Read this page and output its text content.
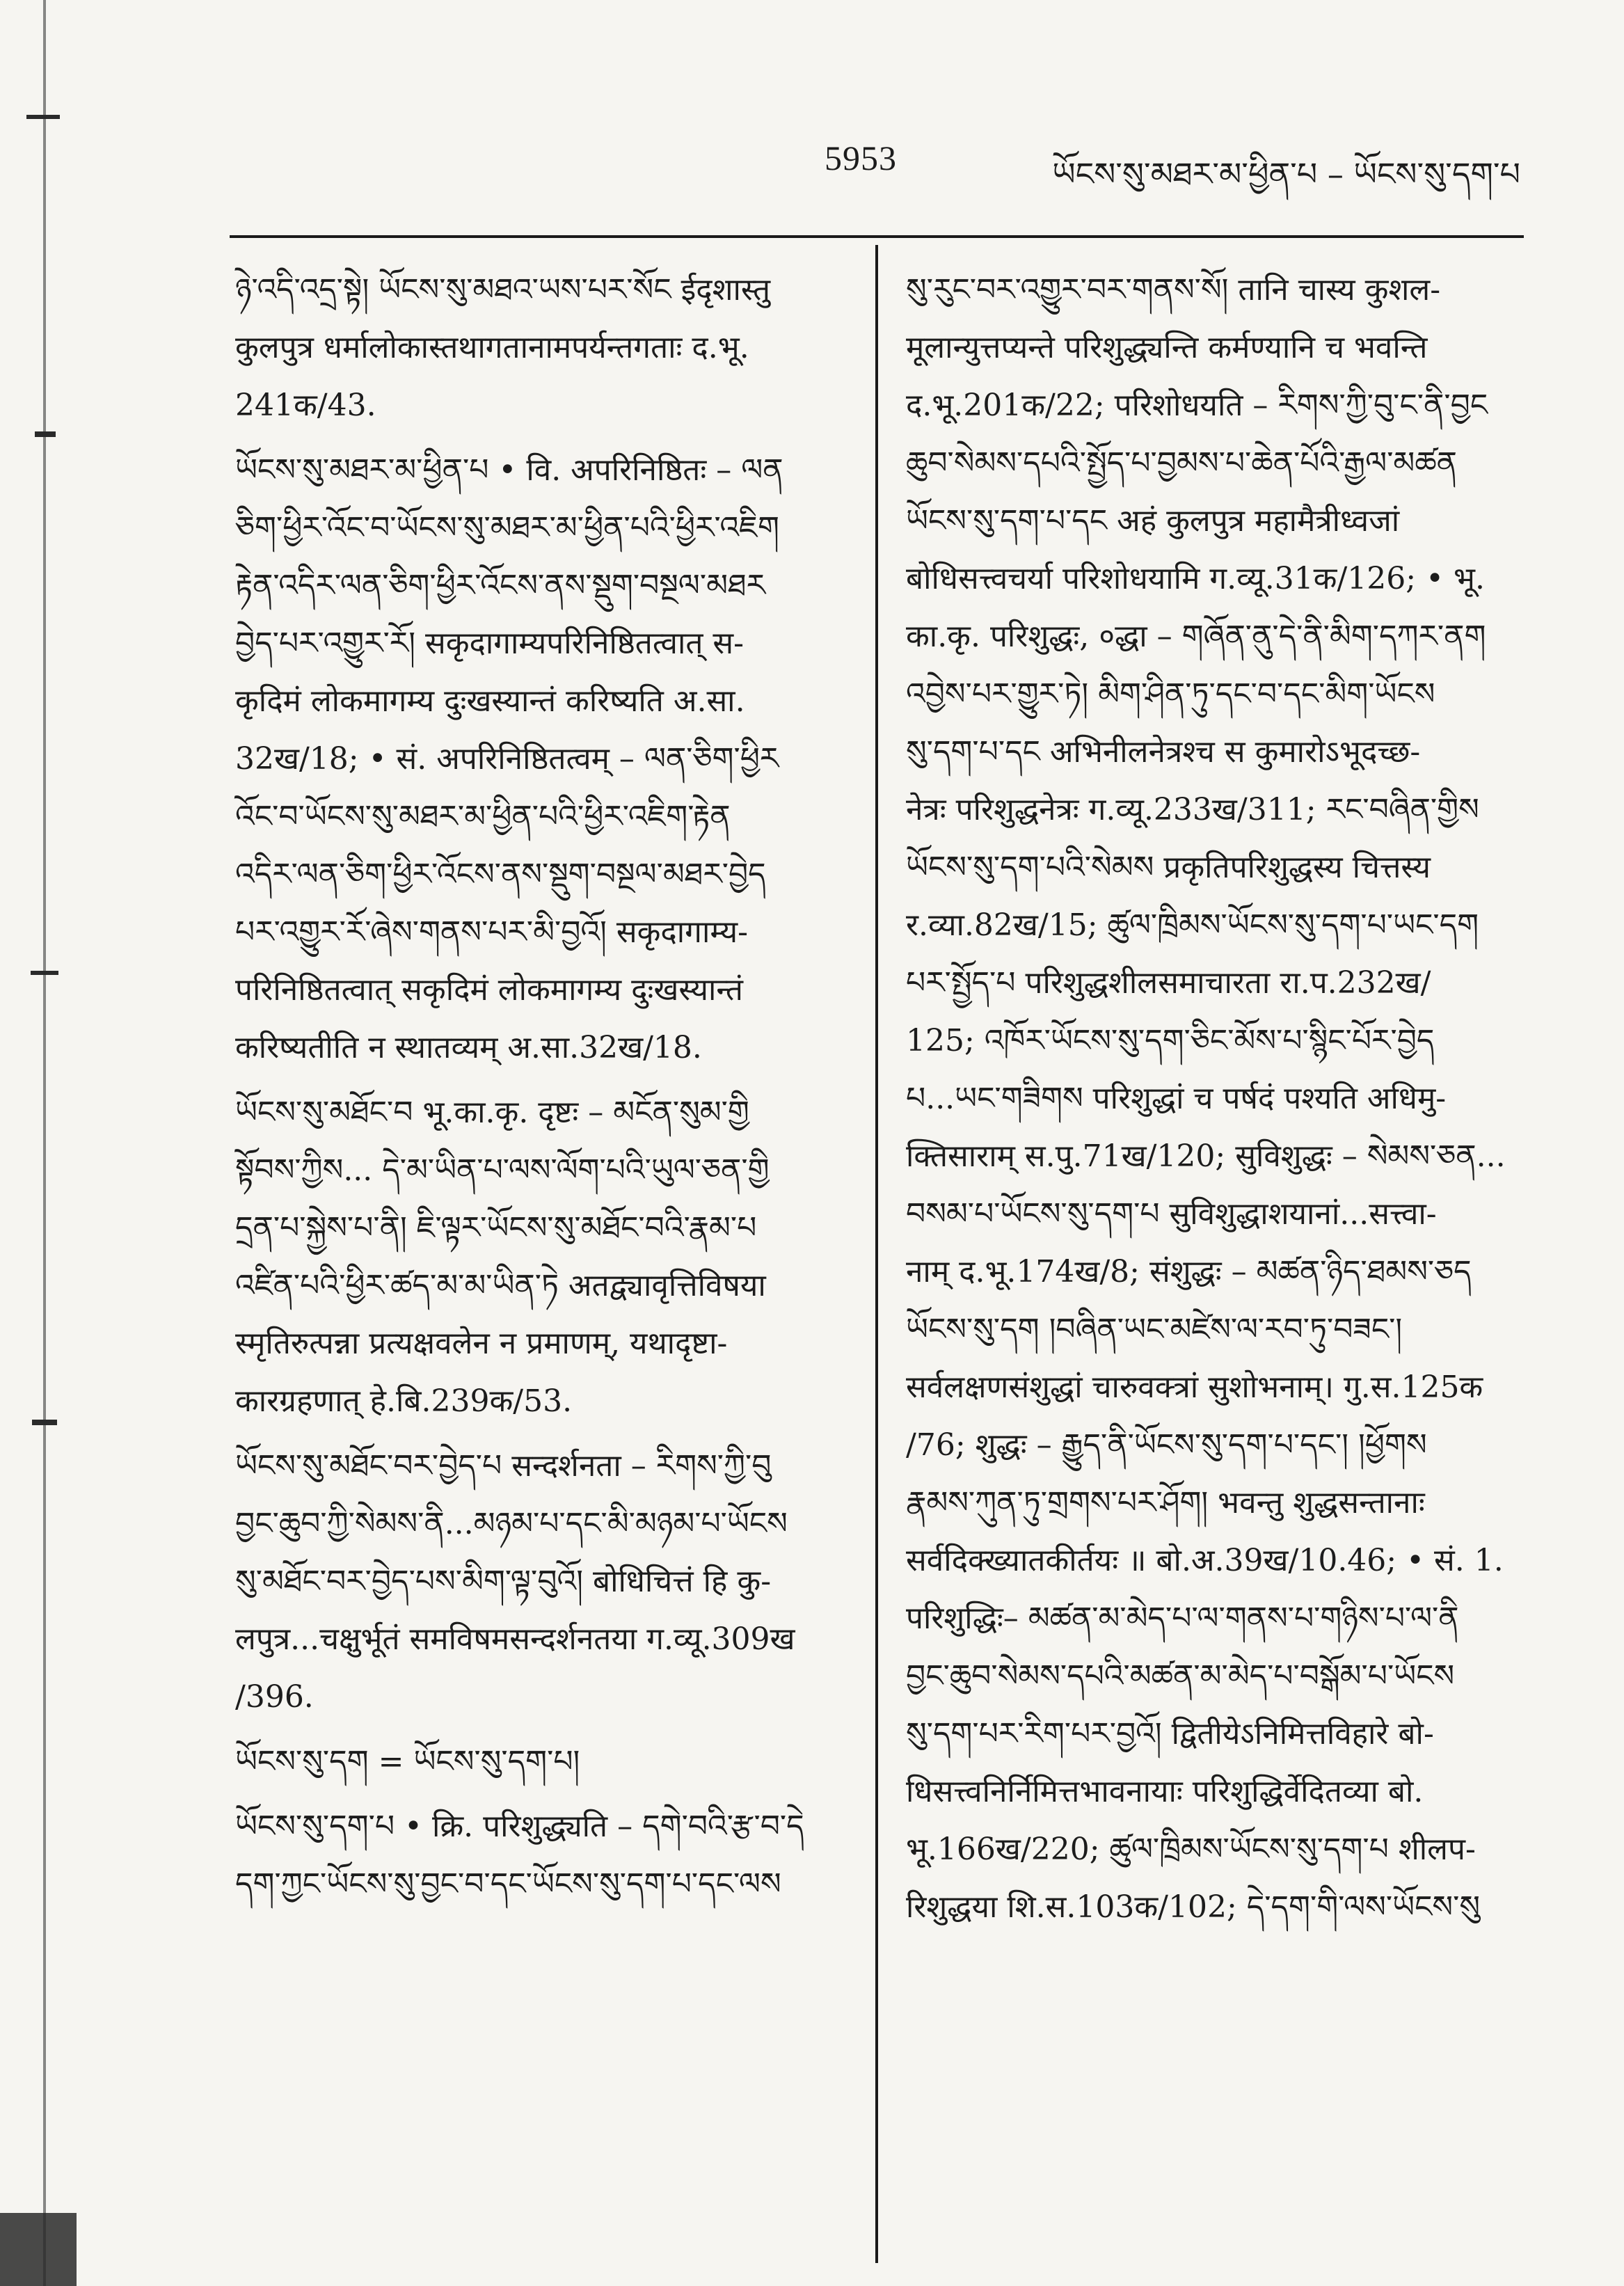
5953	ཡོངས་སུ་མཐར་མ་ཕྱིན་པ – ཡོངས་སུ་དག་པ
ཉེ་འདི་འདྲ་སྟེ། ཡོངས་སུ་མཐའ་ཡས་པར་སོང ईदृशास्तु
कुलपुत्र धर्मालोकास्तथागतानामपर्यन्तगताः द.भू.
241क/43.
ཡོངས་སུ་མཐར་མ་ཕྱིན་པ • वि. अपरिनिष्ठितः – ལན
ཅིག་ཕྱིར་འོང་བ་ཡོངས་སུ་མཐར་མ་ཕྱིན་པའི་ཕྱིར་འཇིག
རྟེན་འདིར་ལན་ཅིག་ཕྱིར་འོངས་ནས་སྡུག་བསྔལ་མཐར
བྱེད་པར་འགྱུར་རོ། सकृदागाम्यपरिनिष्ठितत्वात् स-
कृदिमं लोकमागम्य दुःखस्यान्तं करिष्यति अ.सा.
32ख/18; • सं. अपरिनिष्ठितत्वम् – ལན་ཅིག་ཕྱིར
འོང་བ་ཡོངས་སུ་མཐར་མ་ཕྱིན་པའི་ཕྱིར་འཇིག་རྟེན
འདིར་ལན་ཅིག་ཕྱིར་འོངས་ནས་སྡུག་བསྔལ་མཐར་བྱེད
པར་འགྱུར་རོ་ཞེས་གནས་པར་མི་བྱའོ། सकृदागाम्य-
परिनिष्ठितत्वात् सकृदिमं लोकमागम्य दुःखस्यान्तं
करिष्यतीति न स्थातव्यम् अ.सा.32ख/18.
ཡོངས་སུ་མཐོང་བ भू.का.कृ. दृष्टः – མངོན་སུམ་གྱི
སྟོབས་ཀྱིས... དེ་མ་ཡིན་པ་ལས་ལོག་པའི་ཡུལ་ཅན་གྱི
དྲན་པ་སྐྱེས་པ་ནི། ཇི་ལྟར་ཡོངས་སུ་མཐོང་བའི་རྣམ་པ
འཛིན་པའི་ཕྱིར་ཚད་མ་མ་ཡིན་ཏེ अतद्व्यावृत्तिविषया
स्मृतिरुत्पन्ना प्रत्यक्षवलेन न प्रमाणम्, यथादृष्टा-
कारग्रहणात् हे.बि.239क/53.
ཡོངས་སུ་མཐོང་བར་བྱེད་པ सन्दर्शनता – རིགས་ཀྱི་བུ
བྱང་ཆུབ་ཀྱི་སེམས་ནི...མཉམ་པ་དང་མི་མཉམ་པ་ཡོངས
སུ་མཐོང་བར་བྱེད་པས་མིག་ལྟ་བུའོ། बोधिचित्तं हि कु-
लपुत्र...चक्षुर्भूतं समविषमसन्दर्शनतया ग.व्यू.309ख
/396.
ཡོངས་སུ་དག = ཡོངས་སུ་དག་པ།
ཡོངས་སུ་དག་པ • क्रि. परिशुद्ध्यति – དགེ་བའི་རྩ་བ་དེ
དག་ཀྱང་ཡོངས་སུ་བྱང་བ་དང་ཡོངས་སུ་དག་པ་དང་ལས
སུ་རུང་བར་འགྱུར་བར་གནས་སོ། तानि चास्य कुशल-
मूलान्युत्तप्यन्ते परिशुद्ध्यन्ति कर्मण्यानि च भवन्ति
द.भू.201क/22; परिशोधयति – རིགས་ཀྱི་བུ་ང་ནི་བྱང
ཆུབ་སེམས་དཔའི་སྤྱོད་པ་བྱམས་པ་ཆེན་པོའི་རྒྱལ་མཚན
ཡོངས་སུ་དག་པ་དང अहं कुलपुत्र महामैत्रीध्वजां
बोधिसत्त्वचर्या परिशोधयामि ग.व्यू.31क/126; • भू.
का.कृ. परिशुद्धः, ०द्धा – གཞོན་ནུ་དེ་ནི་མིག་དཀར་ནག
འབྱེས་པར་གྱུར་ཏེ། མིག་ཤིན་ཏུ་དང་བ་དང་མིག་ཡོངས
སུ་དག་པ་དང अभिनीलनेत्रश्च स कुमारोऽभूदच्छ-
नेत्रः परिशुद्धनेत्रः ग.व्यू.233ख/311; རང་བཞིན་གྱིས
ཡོངས་སུ་དག་པའི་སེམས प्रकृतिपरिशुद्धस्य चित्तस्य
र.व्या.82ख/15; ཚུལ་ཁྲིམས་ཡོངས་སུ་དག་པ་ཡང་དག
པར་སྤྱོད་པ परिशुद्धशीलसमाचारता रा.प.232ख/
125; འཁོར་ཡོངས་སུ་དག་ཅིང་མོས་པ་སྙིང་པོར་བྱེད
པ...ཡང་གཟིགས परिशुद्धां च पर्षदं पश्यति अधिमु-
क्तिसाराम् स.पु.71ख/120; सुविशुद्धः – སེམས་ཅན...
བསམ་པ་ཡོངས་སུ་དག་པ सुविशुद्धाशयानां...सत्त्वा-
नाम् द.भू.174ख/8; संशुद्धः – མཚན་ཉིད་ཐམས་ཅད
ཡོངས་སུ་དག །བཞིན་ཡང་མཛེས་ལ་རབ་ཏུ་བཟང་།
सर्वलक्षणसंशुद्धां चारुवक्त्रां सुशोभनाम्। गु.स.125क
/76; शुद्धः – རྒྱུད་ནི་ཡོངས་སུ་དག་པ་དང་། །ཕྱོགས
རྣམས་ཀུན་ཏུ་གྲགས་པར་ཤོག། भवन्तु शुद्धसन्तानाः
सर्वदिक्ख्यातकीर्तयः ॥ बो.अ.39ख/10.46; • सं. 1.
परिशुद्धिः– མཚན་མ་མེད་པ་ལ་གནས་པ་གཉིས་པ་ལ་ནི
བྱང་ཆུབ་སེམས་དཔའི་མཚན་མ་མེད་པ་བསྒོམ་པ་ཡོངས
སུ་དག་པར་རིག་པར་བྱའོ། द्वितीयेऽनिमित्तविहारे बो-
धिसत्त्वनिर्निमित्तभावनायाः परिशुद्धिर्वेदितव्या बो.
भू.166ख/220; ཚུལ་ཁྲིམས་ཡོངས་སུ་དག་པ शीलप-
रिशुद्धया शि.स.103क/102; དེ་དག་གི་ལས་ཡོངས་སུ
